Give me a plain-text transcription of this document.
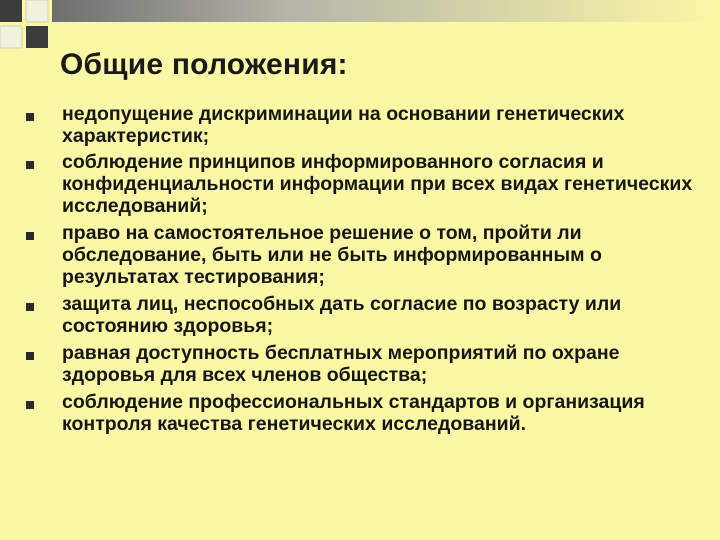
Общие положения:
недопущение дискриминации на основании генетических характеристик;
соблюдение принципов информированного согласия и конфиденциальности информации при всех видах генетических исследований;
право на самостоятельное решение о том, пройти ли обследование, быть или не быть информированным о результатах тестирования;
защита лиц, неспособных дать согласие по возрасту или состоянию здоровья;
равная доступность бесплатных мероприятий по охране здоровья для всех членов общества;
соблюдение профессиональных стандартов и организация контроля качества генетических исследований.
